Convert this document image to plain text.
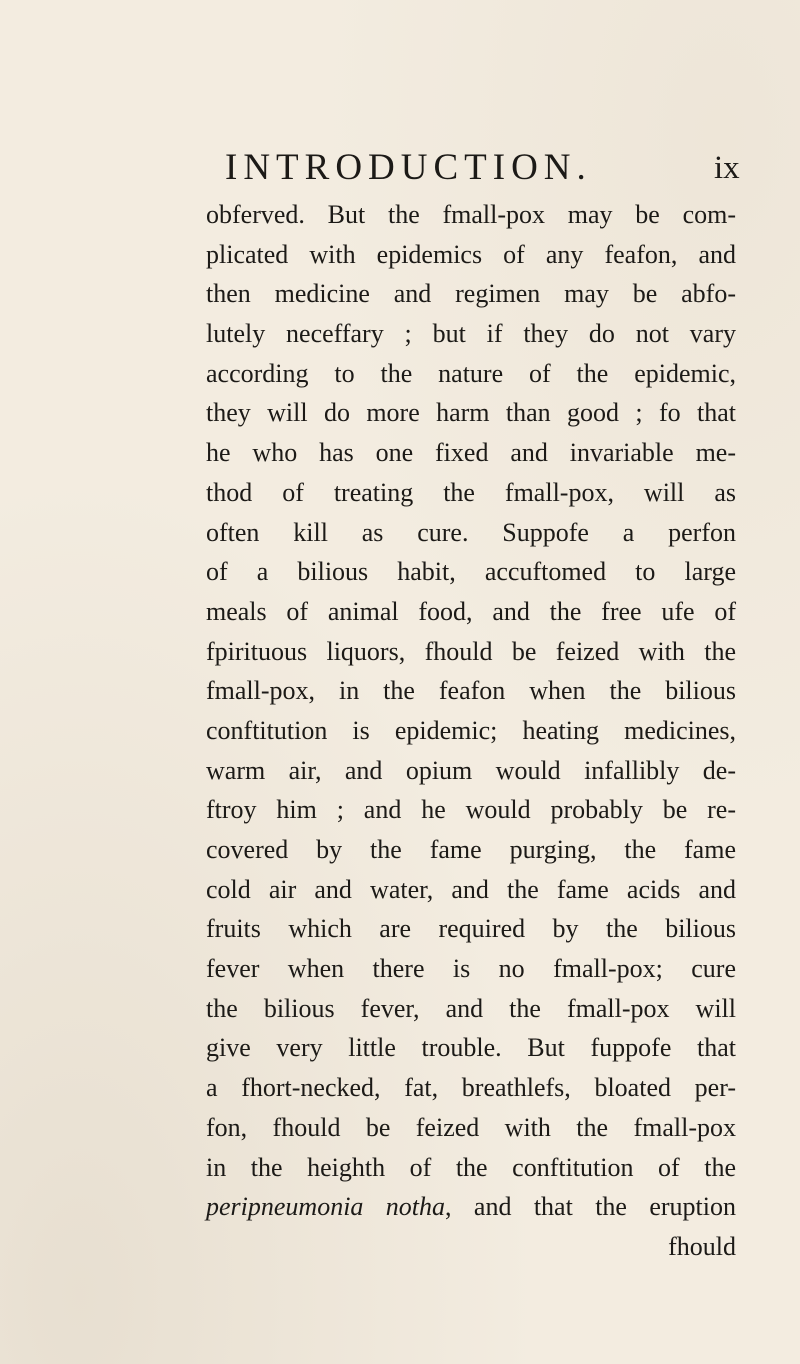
INTRODUCTION.	ix
obferved. But the fmall-pox may be com-
plicated with epidemics of any feafon, and
then medicine and regimen may be abfo-
lutely neceffary ; but if they do not vary
according to the nature of the epidemic,
they will do more harm than good ; fo that
he who has one fixed and invariable me-
thod of treating the fmall-pox, will as
often kill as cure. Suppofe a perfon
of a bilious habit, accuftomed to large
meals of animal food, and the free ufe of
fpirituous liquors, fhould be feized with the
fmall-pox, in the feafon when the bilious
conftitution is epidemic; heating medicines,
warm air, and opium would infallibly de-
ftroy him ; and he would probably be re-
covered by the fame purging, the fame
cold air and water, and the fame acids and
fruits which are required by the bilious
fever when there is no fmall-pox; cure
the bilious fever, and the fmall-pox will
give very little trouble. But fuppofe that
a fhort-necked, fat, breathlefs, bloated per-
fon, fhould be feized with the fmall-pox
in the heighth of the conftitution of the
peripneumonia notha, and that the eruption
fhould
